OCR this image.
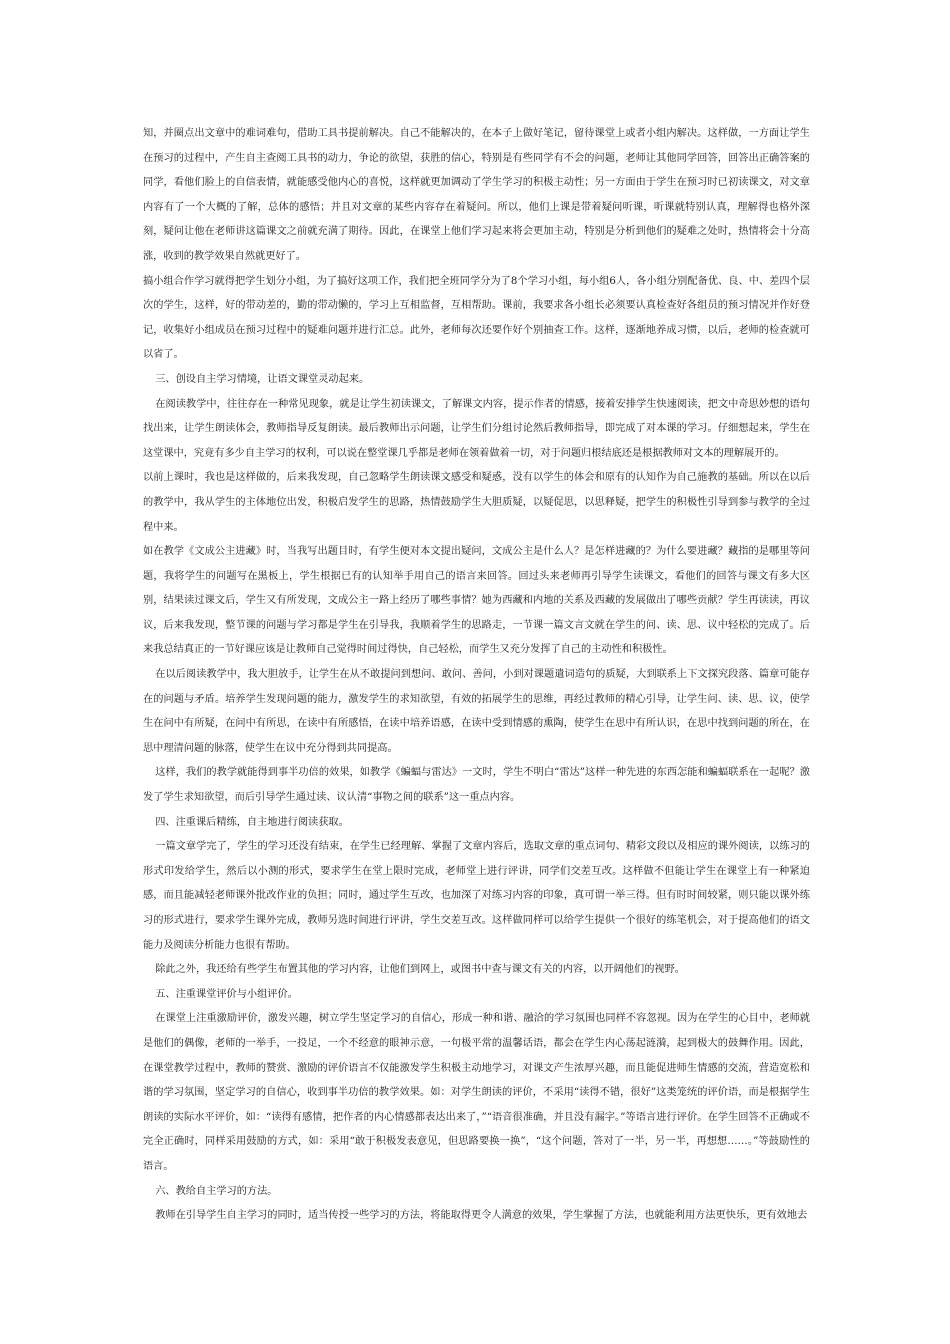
知，并圈点出文章中的难词难句，借助工具书提前解决。自己不能解决的，在本子上做好笔记，留待课堂上或者小组内解决。这样做，一方面让学生在预习的过程中，产生自主查阅工具书的动力，争论的欲望，获胜的信心，特别是有些同学有不会的问题，老师让其他同学回答，回答出正确答案的同学，看他们脸上的自信表情，就能感受他内心的喜悦，这样就更加调动了学生学习的积极主动性；另一方面由于学生在预习时已初读课文，对文章内容有了一个大概的了解，总体的感悟；并且对文章的某些内容存在着疑问。所以，他们上课是带着疑问听课，听课就特别认真，理解得也格外深刻，疑问让他在老师讲这篇课文之前就充满了期待。因此，在课堂上他们学习起来将会更加主动，特别是分析到他们的疑难之处时，热情将会十分高涨，收到的教学效果自然就更好了。

搞小组合作学习就得把学生划分小组，为了搞好这项工作，我们把全班同学分为了8个学习小组，每小组6人，各小组分别配备优、良、中、差四个层次的学生，这样，好的带动差的，勤的带动懒的，学习上互相监督，互相帮助。课前，我要求各小组长必须要认真检查好各组员的预习情况并作好登记，收集好小组成员在预习过程中的疑难问题并进行汇总。此外，老师每次还要作好个别抽查工作。这样，逐渐地养成习惯，以后，老师的检查就可以省了。

三、创设自主学习情境，让语文课堂灵动起来。

在阅读教学中，往往存在一种常见现象，就是让学生初读课文，了解课文内容，提示作者的情感，接着安排学生快速阅读，把文中奇思妙想的语句找出来，让学生朗读体会，教师指导反复朗读。最后教师出示问题，让学生们分组讨论然后教师指导，即完成了对本课的学习。仔细想起来，学生在这堂课中，究竟有多少自主学习的权利，可以说在整堂课几乎都是老师在领着做着一切，对于问题归根结底还是根据教师对文本的理解展开的。

以前上课时，我也是这样做的，后来我发现，自己忽略学生朗读课文感受和疑惑，没有以学生的体会和原有的认知作为自己施教的基础。所以在以后的教学中，我从学生的主体地位出发，积极启发学生的思路，热情鼓励学生大胆质疑，以疑促思，以思释疑，把学生的积极性引导到参与教学的全过程中来。

如在教学《文成公主进藏》时，当我写出题目时，有学生便对本文提出疑问，文成公主是什么人？是怎样进藏的？为什么要进藏？藏指的是哪里等问题，我将学生的问题写在黑板上，学生根据已有的认知举手用自己的语言来回答。回过头来老师再引导学生读课文，看他们的回答与课文有多大区别，结果读过课文后，学生又有所发现，文成公主一路上经历了哪些事情？她为西藏和内地的关系及西藏的发展做出了哪些贡献？学生再读读，再议议，后来我发现，整节课的问题与学习都是学生在引导我，我顺着学生的思路走，一节课一篇文言文就在学生的问、读、思、议中轻松的完成了。后来我总结真正的一节好课应该是让教师自己觉得时间过得快，自己轻松，而学生又充分发挥了自己的主动性和积极性。

在以后阅读教学中，我大胆放手，让学生在从不敢提问到想问、敢问、善问，小到对课题遣词造句的质疑，大到联系上下文探究段落、篇章可能存在的问题与矛盾。培养学生发现问题的能力，激发学生的求知欲望，有效的拓展学生的思维，再经过教师的精心引导，让学生问、读、思、议，使学生在问中有所疑，在问中有所思，在读中有所感悟，在读中培养语感，在读中受到情感的熏陶，使学生在思中有所认识，在思中找到问题的所在，在思中理清问题的脉落，使学生在议中充分得到共同提高。

这样，我们的教学就能得到事半功倍的效果，如教学《蝙蝠与雷达》一文时，学生不明白“雷达”这样一种先进的东西怎能和蝙蝠联系在一起呢？激发了学生求知欲望，而后引导学生通过读、议认清“事物之间的联系”这一重点内容。

四、注重课后精练，自主地进行阅读获取。

一篇文章学完了，学生的学习还没有结束，在学生已经理解、掌握了文章内容后，选取文章的重点词句、精彩文段以及相应的课外阅读，以练习的形式印发给学生，然后以小测的形式，要求学生在堂上限时完成，老师堂上进行评讲，同学们交差互改。这样做不但能让学生在课堂上有一种紧迫感，而且能减轻老师课外批改作业的负担；同时，通过学生互改，也加深了对练习内容的印象，真可谓一举三得。但有时时间较紧，则只能以课外练习的形式进行，要求学生课外完成，教师另选时间进行评讲，学生交差互改。这样做同样可以给学生提供一个很好的练笔机会，对于提高他们的语文能力及阅读分析能力也很有帮助。

除此之外，我还给有些学生布置其他的学习内容，让他们到网上，或图书中查与课文有关的内容，以开阔他们的视野。

五、注重课堂评价与小组评价。

在课堂上注重激励评价，激发兴趣，树立学生坚定学习的自信心，形成一种和谐、融洽的学习氛围也同样不容忽视。因为在学生的心目中，老师就是他们的偶像，老师的一举手，一投足，一个不经意的眼神示意，一句极平常的温馨话语，都会在学生内心荡起涟漪，起到极大的鼓舞作用。因此，在课堂教学过程中，教师的赞赏、激励的评价语言不仅能激发学生积极主动地学习，对课文产生浓厚兴趣，而且能促进师生情感的交流，营造宽松和谐的学习氛围，坚定学习的自信心，收到事半功倍的教学效果。如：对学生朗读的评价，不采用“读得不错，很好”这类笼统的评价语，而是根据学生朗读的实际水平评价，如：“读得有感情，把作者的内心情感都表达出来了，”“语音很准确，并且没有漏字。”等语言进行评价。在学生回答不正确或不完全正确时，同样采用鼓励的方式，如：采用“敢于积极发表意见，但思路要换一换”，“这个问题，答对了一半，另一半，再想想……。”等鼓励性的语言。

六、教给自主学习的方法。

教师在引导学生自主学习的同时，适当传授一些学习的方法，将能取得更令人满意的效果，学生掌握了方法，也就能利用方法更快乐，更有效地去
